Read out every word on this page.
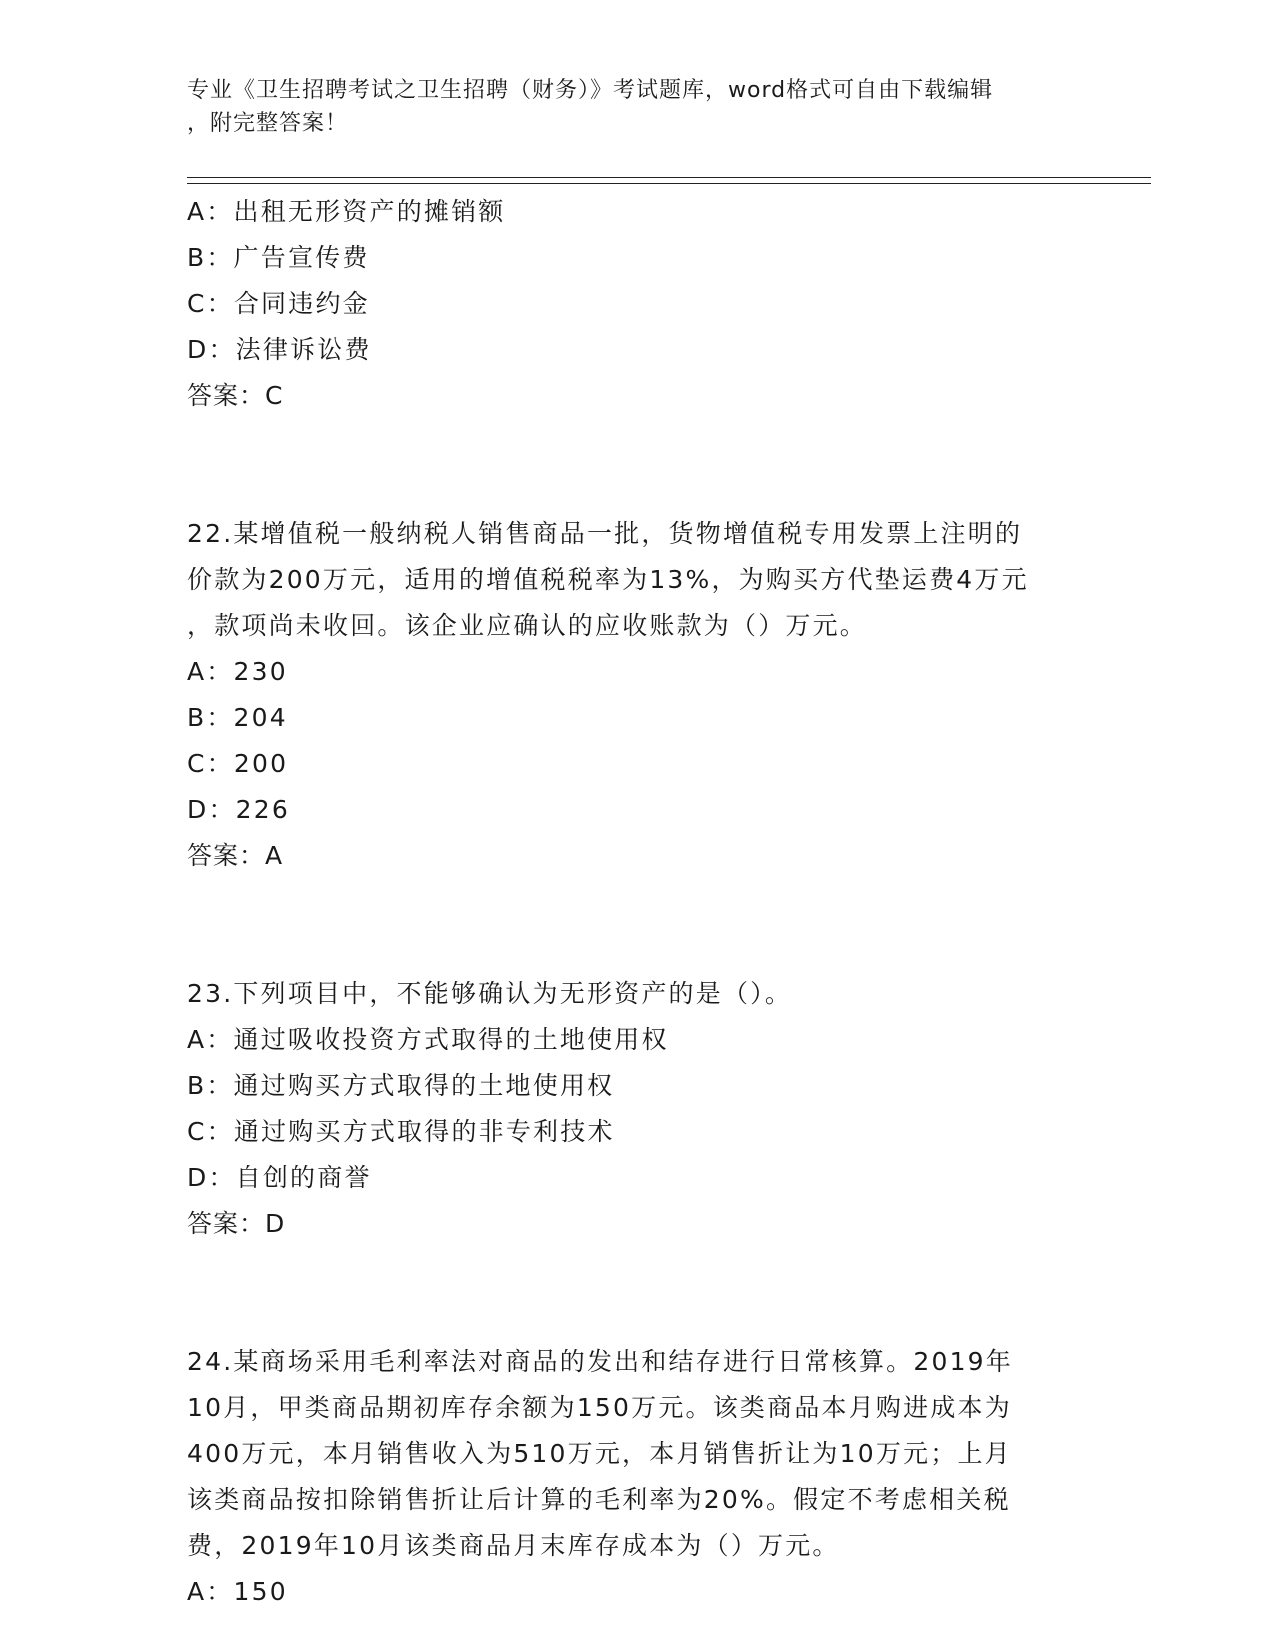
专业《卫生招聘考试之卫生招聘（财务）》考试题库，word格式可自由下载编辑
，附完整答案！
A：出租无形资产的摊销额
B：广告宣传费
C：合同违约金
D：法律诉讼费
答案：C
22.某增值税一般纳税人销售商品一批，货物增值税专用发票上注明的
价款为200万元，适用的增值税税率为13%，为购买方代垫运费4万元
，款项尚未收回。该企业应确认的应收账款为（）万元。
A：230
B：204
C：200
D：226
答案：A
23.下列项目中，不能够确认为无形资产的是（）。
A：通过吸收投资方式取得的土地使用权
B：通过购买方式取得的土地使用权
C：通过购买方式取得的非专利技术
D：自创的商誉
答案：D
24.某商场采用毛利率法对商品的发出和结存进行日常核算。2019年
10月，甲类商品期初库存余额为150万元。该类商品本月购进成本为
400万元，本月销售收入为510万元，本月销售折让为10万元；上月
该类商品按扣除销售折让后计算的毛利率为20%。假定不考虑相关税
费，2019年10月该类商品月末库存成本为（）万元。
A：150
